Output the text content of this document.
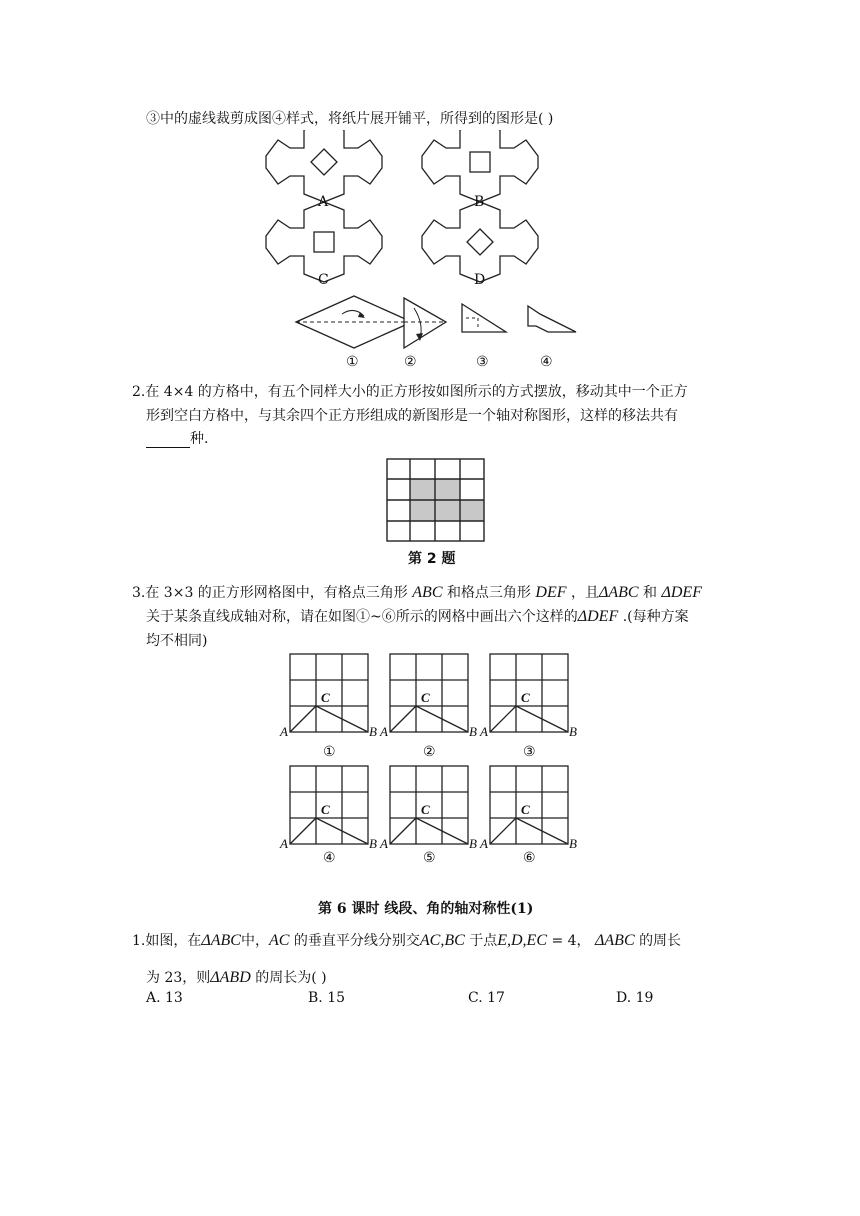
③中的虚线裁剪成图④样式，将纸片展开铺平，所得到的图形是( )
A	B
C	D
①	②	③	④
2.在 4×4 的方格中，有五个同样大小的正方形按如图所示的方式摆放，移动其中一个正方
形到空白方格中，与其余四个正方形组成的新图形是一个轴对称图形，这样的移法共有
种.
第 2 题
3.在 3×3 的正方形网格图中，有格点三角形 ABC 和格点三角形 DEF ，且ΔABC 和 ΔDEF
关于某条直线成轴对称，请在如图①~⑥所示的网格中画出六个这样的ΔDEF .(每种方案
均不相同)
C	C	C
A	B A	B A	B
①	②	③
C	C	C
A	B A	B A	B
④	⑤	⑥
第 6 课时 线段、角的轴对称性(1)
1.如图，在ΔABC中，AC 的垂直平分线分别交AC,BC 于点E,D,EC = 4， ΔABC 的周长
为 23，则ΔABD 的周长为( )
A. 13	B. 15	C. 17	D. 19
